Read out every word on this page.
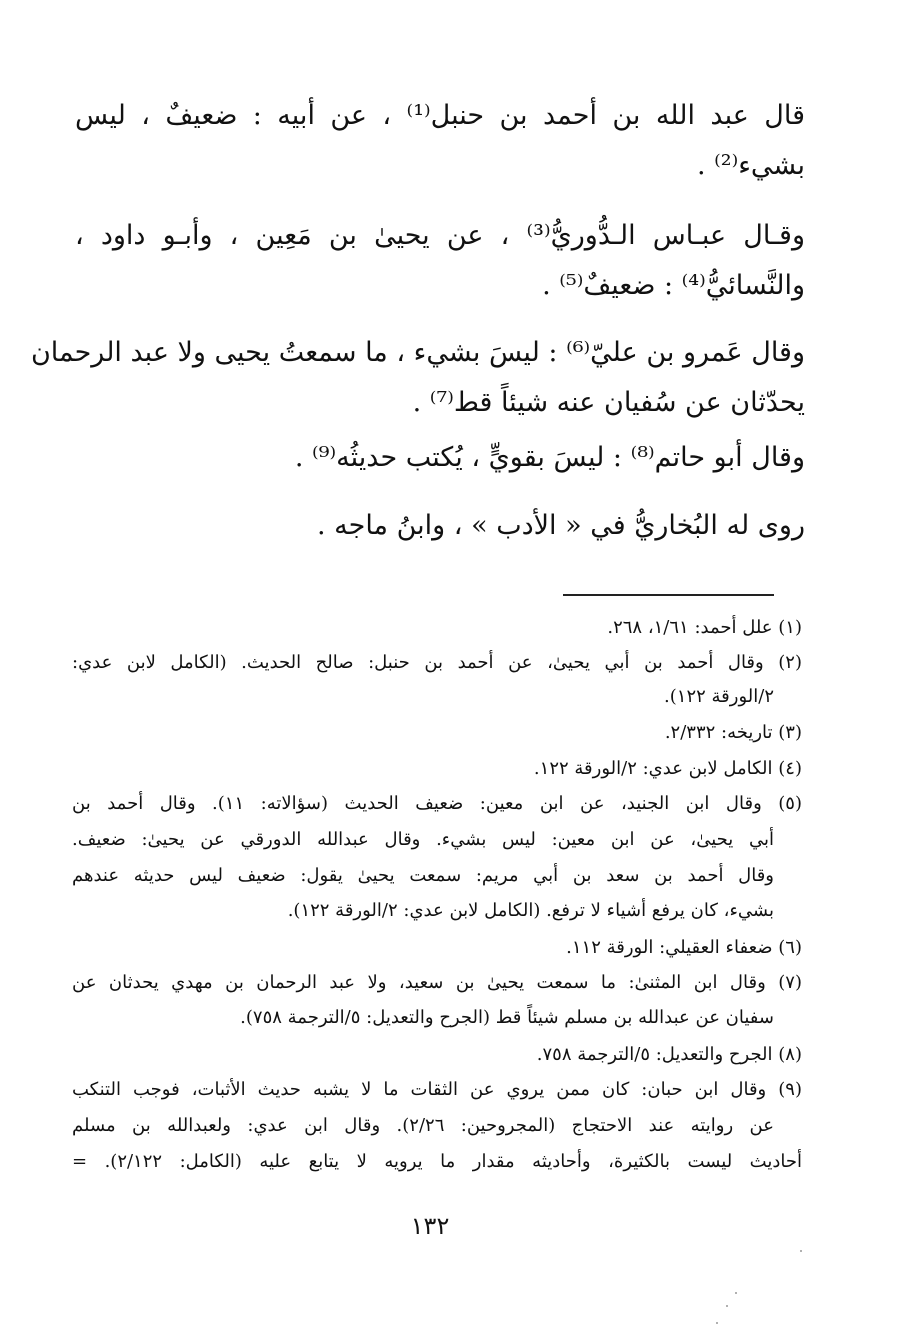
قال عبد الله بن أحمد بن حنبل⁽¹⁾ ، عن أبيه : ضعيفٌ ، ليس
بشيء⁽²⁾ .
وقـال عبـاس الـدُّوريُّ⁽³⁾ ، عن يحيىٰ بن مَعِين ، وأبـو داود ،
والنَّسائيُّ⁽⁴⁾ : ضعيفٌ⁽⁵⁾ .
وقال عَمرو بن عليّ⁽⁶⁾ : ليسَ بشيء ، ما سمعتُ يحيى ولا عبد الرحمان
يحدّثان عن سُفيان عنه شيئاً قط⁽⁷⁾ .
وقال أبو حاتم⁽⁸⁾ : ليسَ بقويٍّ ، يُكتب حديثُه⁽⁹⁾ .
روى له البُخاريُّ في « الأدب » ، وابنُ ماجه .
(١) علل أحمد: ١/٦١، ٢٦٨.
(٢) وقال أحمد بن أبي يحيىٰ، عن أحمد بن حنبل: صالح الحديث. (الكامل لابن عدي:
٢/الورقة ١٢٢).
(٣) تاريخه: ٢/٣٣٢.
(٤) الكامل لابن عدي: ٢/الورقة ١٢٢.
(٥) وقال ابن الجنيد، عن ابن معين: ضعيف الحديث (سؤالاته: ١١). وقال أحمد بن
أبي يحيىٰ، عن ابن معين: ليس بشيء. وقال عبدالله الدورقي عن يحيىٰ: ضعيف.
وقال أحمد بن سعد بن أبي مريم: سمعت يحيىٰ يقول: ضعيف ليس حديثه عندهم
بشيء، كان يرفع أشياء لا ترفع. (الكامل لابن عدي: ٢/الورقة ١٢٢).
(٦) ضعفاء العقيلي: الورقة ١١٢.
(٧) وقال ابن المثنىٰ: ما سمعت يحيىٰ بن سعيد، ولا عبد الرحمان بن مهدي يحدثان عن
سفيان عن عبدالله بن مسلم شيئاً قط (الجرح والتعديل: ٥/الترجمة ٧٥٨).
(٨) الجرح والتعديل: ٥/الترجمة ٧٥٨.
(٩) وقال ابن حبان: كان ممن يروي عن الثقات ما لا يشبه حديث الأثبات، فوجب التنكب
عن روايته عند الاحتجاج (المجروحين: ٢/٢٦). وقال ابن عدي: ولعبدالله بن مسلم
أحاديث ليست بالكثيرة، وأحاديثه مقدار ما يرويه لا يتابع عليه (الكامل: ٢/١٢٢). =
١٣٢
